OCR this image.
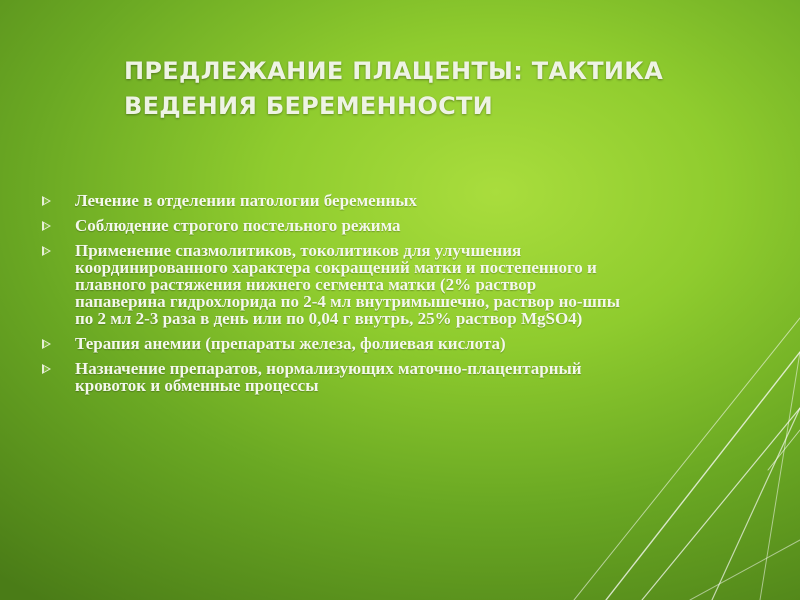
ПРЕДЛЕЖАНИЕ ПЛАЦЕНТЫ: ТАКТИКА
ВЕДЕНИЯ БЕРЕМЕННОСТИ
Лечение в отделении патологии беременных
Соблюдение строгого постельного режима
Применение спазмолитиков, токолитиков для улучшения координированного характера сокращений матки и постепенного и плавного растяжения нижнего сегмента матки (2% раствор папаверина гидрохлорида по 2-4 мл внутримышечно, раствор но-шпы по 2 мл 2-3 раза в день или по 0,04 г внутрь, 25% раствор MgSO4)
Терапия анемии (препараты железа, фолиевая кислота)
Назначение препаратов, нормализующих маточно-плацентарный кровоток и обменные процессы
